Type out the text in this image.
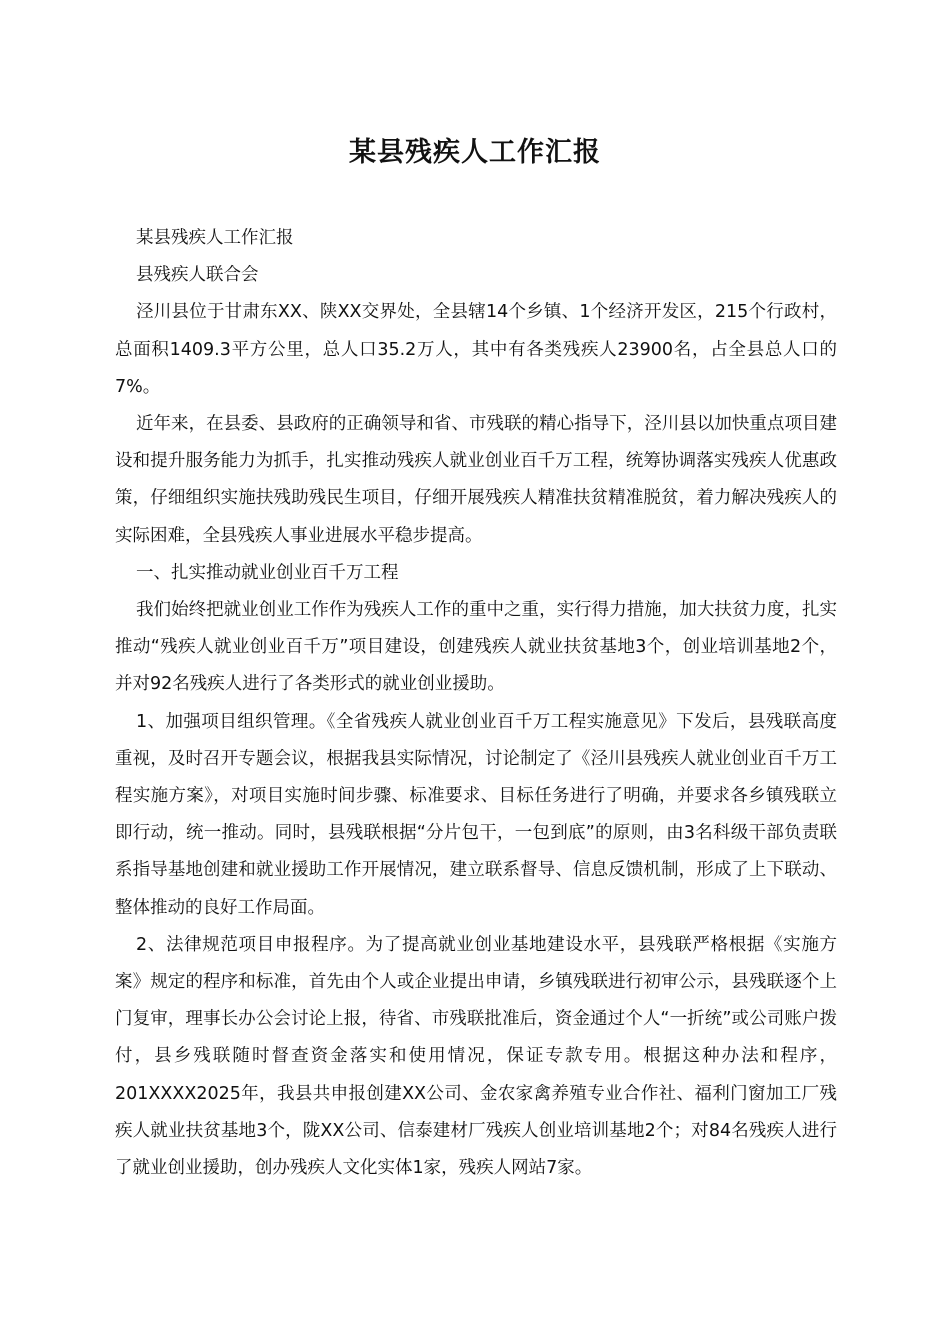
某县残疾人工作汇报

某县残疾人工作汇报

县残疾人联合会

泾川县位于甘肃东XX、陕XX交界处，全县辖14个乡镇、1个经济开发区，215个行政村，总面积1409.3平方公里，总人口35.2万人，其中有各类残疾人23900名，占全县总人口的7%。

近年来，在县委、县政府的正确领导和省、市残联的精心指导下，泾川县以加快重点项目建设和提升服务能力为抓手，扎实推动残疾人就业创业百千万工程，统筹协调落实残疾人优惠政策，仔细组织实施扶残助残民生项目，仔细开展残疾人精准扶贫精准脱贫，着力解决残疾人的实际困难，全县残疾人事业进展水平稳步提高。

一、扎实推动就业创业百千万工程

我们始终把就业创业工作作为残疾人工作的重中之重，实行得力措施，加大扶贫力度，扎实推动“残疾人就业创业百千万”项目建设，创建残疾人就业扶贫基地3个，创业培训基地2个，并对92名残疾人进行了各类形式的就业创业援助。

1、加强项目组织管理。《全省残疾人就业创业百千万工程实施意见》下发后，县残联高度重视，及时召开专题会议，根据我县实际情况，讨论制定了《泾川县残疾人就业创业百千万工程实施方案》，对项目实施时间步骤、标准要求、目标任务进行了明确，并要求各乡镇残联立即行动，统一推动。同时，县残联根据“分片包干，一包到底”的原则，由3名科级干部负责联系指导基地创建和就业援助工作开展情况，建立联系督导、信息反馈机制，形成了上下联动、整体推动的良好工作局面。

2、法律规范项目申报程序。为了提高就业创业基地建设水平，县残联严格根据《实施方案》规定的程序和标准，首先由个人或企业提出申请，乡镇残联进行初审公示，县残联逐个上门复审，理事长办公会讨论上报，待省、市残联批准后，资金通过个人“一折统”或公司账户拨付，县乡残联随时督查资金落实和使用情况，保证专款专用。根据这种办法和程序，201XXXX2025年，我县共申报创建XX公司、金农家禽养殖专业合作社、福利门窗加工厂残疾人就业扶贫基地3个，陇XX公司、信泰建材厂残疾人创业培训基地2个；对84名残疾人进行了就业创业援助，创办残疾人文化实体1家，残疾人网站7家。
